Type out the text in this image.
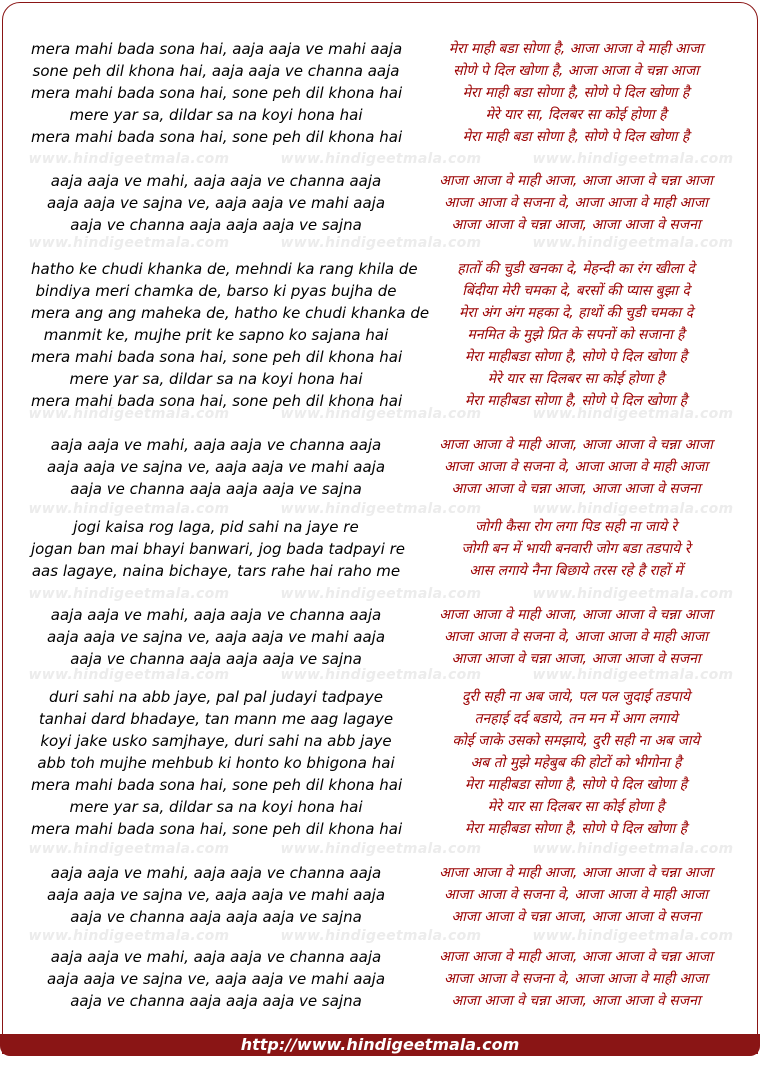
mera mahi bada sona hai, aaja aaja ve mahi aaja
sone peh dil khona hai, aaja aaja ve channa aaja
mera mahi bada sona hai, sone peh dil khona hai
mere yar sa, dildar sa na koyi hona hai
mera mahi bada sona hai, sone peh dil khona hai
aaja aaja ve mahi, aaja aaja ve channa aaja
aaja aaja ve sajna ve, aaja aaja ve mahi aaja
aaja ve channa aaja aaja aaja ve sajna
hatho ke chudi khanka de, mehndi ka rang khila de
bindiya meri chamka de, barso ki pyas bujha de
mera ang ang maheka de, hatho ke chudi khanka de
manmit ke, mujhe prit ke sapno ko sajana hai
mera mahi bada sona hai, sone peh dil khona hai
mere yar sa, dildar sa na koyi hona hai
mera mahi bada sona hai, sone peh dil khona hai
aaja aaja ve mahi, aaja aaja ve channa aaja
aaja aaja ve sajna ve, aaja aaja ve mahi aaja
aaja ve channa aaja aaja aaja ve sajna
jogi kaisa rog laga, pid sahi na jaye re
jogan ban mai bhayi banwari, jog bada tadpayi re
aas lagaye, naina bichaye, tars rahe hai raho me
aaja aaja ve mahi, aaja aaja ve channa aaja
aaja aaja ve sajna ve, aaja aaja ve mahi aaja
aaja ve channa aaja aaja aaja ve sajna
duri sahi na abb jaye, pal pal judayi tadpaye
tanhai dard bhadaye, tan mann me aag lagaye
koyi jake usko samjhaye, duri sahi na abb jaye
abb toh mujhe mehbub ki honto ko bhigona hai
mera mahi bada sona hai, sone peh dil khona hai
mere yar sa, dildar sa na koyi hona hai
mera mahi bada sona hai, sone peh dil khona hai
aaja aaja ve mahi, aaja aaja ve channa aaja
aaja aaja ve sajna ve, aaja aaja ve mahi aaja
aaja ve channa aaja aaja aaja ve sajna
aaja aaja ve mahi, aaja aaja ve channa aaja
aaja aaja ve sajna ve, aaja aaja ve mahi aaja
aaja ve channa aaja aaja aaja ve sajna
मेरा माही बडा सोणा है, आजा आजा वे माही आजा
सोणे पे दिल खोणा है, आजा आजा वे चन्ना आजा
मेरा माही बडा सोणा है, सोणे पे दिल खोणा है
मेरे यार सा, दिलबर सा कोई होणा है
मेरा माही बडा सोणा है, सोणे पे दिल खोणा है
आजा आजा वे माही आजा, आजा आजा वे चन्ना आजा
आजा आजा वे सजना वे, आजा आजा वे माही आजा
आजा आजा वे चन्ना आजा, आजा आजा वे सजना
हातों की चुडी खनका दे, मेहन्दी का रंग खीला दे
बिंदीया मेरी चमका दे, बरसों की प्यास बुझा दे
मेरा अंग अंग महका दे, हाथों की चुडी चमका दे
मनमित के मुझे प्रित के सपनों को सजाना है
मेरा माहीबडा सोणा है, सोणे पे दिल खोणा है
मेरे यार सा दिलबर सा कोई होणा है
मेरा माहीबडा सोणा है, सोणे पे दिल खोणा है
आजा आजा वे माही आजा, आजा आजा वे चन्ना आजा
आजा आजा वे सजना वे, आजा आजा वे माही आजा
आजा आजा वे चन्ना आजा, आजा आजा वे सजना
जोगी कैसा रोग लगा पिड सही ना जाये रे
जोगी बन में भायी बनवारी जोग बडा तडपाये रे
आस लगाये नैना बिछाये तरस रहे है राहों में
आजा आजा वे माही आजा, आजा आजा वे चन्ना आजा
आजा आजा वे सजना वे, आजा आजा वे माही आजा
आजा आजा वे चन्ना आजा, आजा आजा वे सजना
दुरी सही ना अब जाये, पल पल जुदाई तडपाये
तनहाई दर्द बडाये, तन मन में आग लगाये
कोई जाके उसको समझाये, दुरी सही ना अब जाये
अब तो मुझे महेबुब की होटों को भीगोना है
मेरा माहीबडा सोणा है, सोणे पे दिल खोणा है
मेरे यार सा दिलबर सा कोई होणा है
मेरा माहीबडा सोणा है, सोणे पे दिल खोणा है
आजा आजा वे माही आजा, आजा आजा वे चन्ना आजा
आजा आजा वे सजना वे, आजा आजा वे माही आजा
आजा आजा वे चन्ना आजा, आजा आजा वे सजना
आजा आजा वे माही आजा, आजा आजा वे चन्ना आजा
आजा आजा वे सजना वे, आजा आजा वे माही आजा
आजा आजा वे चन्ना आजा, आजा आजा वे सजना
www.hindigeetmala.com	www.hindigeetmala.com	www.hindigeetmala.com
www.hindigeetmala.com	www.hindigeetmala.com	www.hindigeetmala.com
www.hindigeetmala.com	www.hindigeetmala.com	www.hindigeetmala.com
www.hindigeetmala.com	www.hindigeetmala.com	www.hindigeetmala.com
www.hindigeetmala.com	www.hindigeetmala.com	www.hindigeetmala.com
www.hindigeetmala.com	www.hindigeetmala.com	www.hindigeetmala.com
www.hindigeetmala.com	www.hindigeetmala.com	www.hindigeetmala.com
www.hindigeetmala.com	www.hindigeetmala.com	www.hindigeetmala.com
http://www.hindigeetmala.com
